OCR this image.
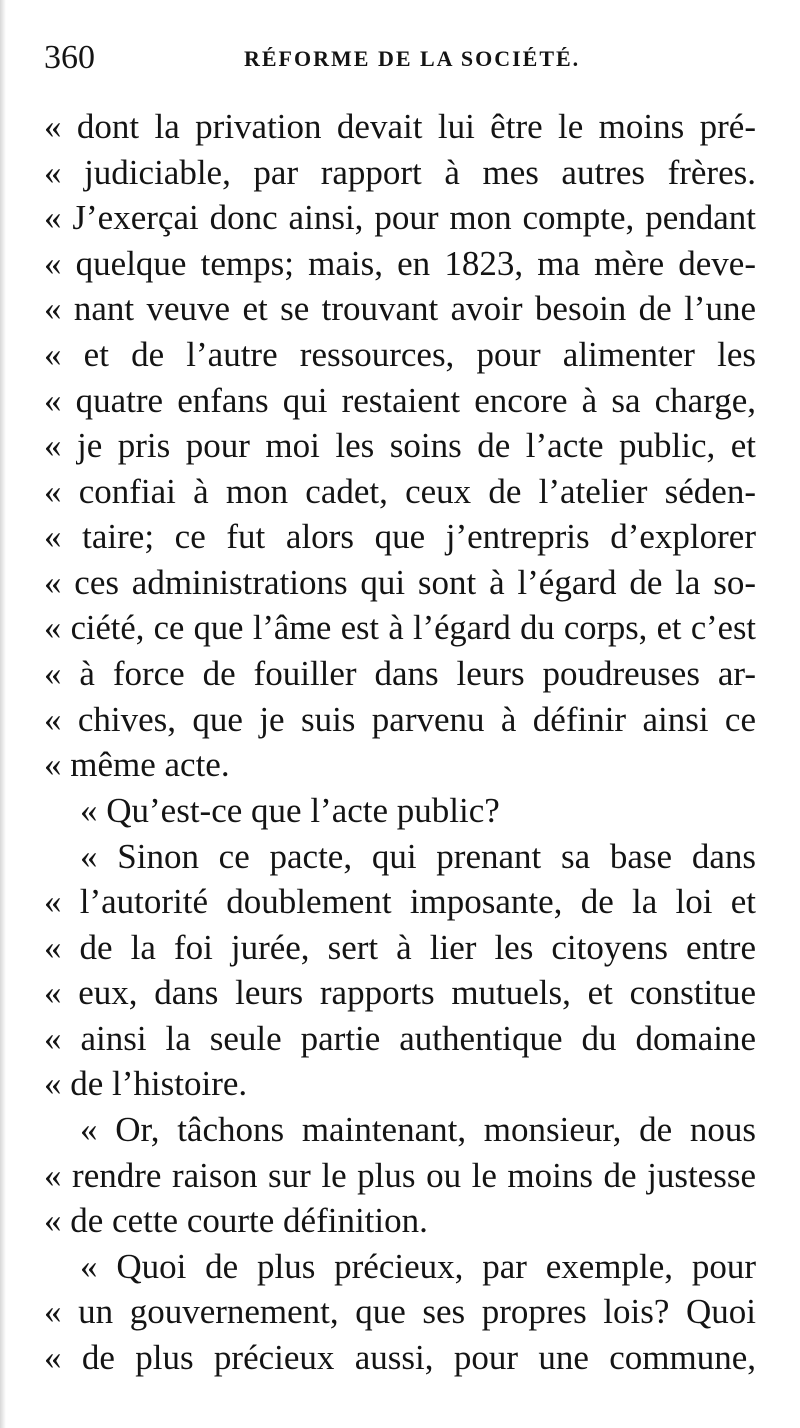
360	RÉFORME DE LA SOCIÉTÉ.
« dont la privation devait lui être le moins pré-
« judiciable, par rapport à mes autres frères.
« J’exerçai donc ainsi, pour mon compte, pendant
« quelque temps; mais, en 1823, ma mère deve-
« nant veuve et se trouvant avoir besoin de l’une
« et de l’autre ressources, pour alimenter les
« quatre enfans qui restaient encore à sa charge,
« je pris pour moi les soins de l’acte public, et
« confiai à mon cadet, ceux de l’atelier séden-
« taire; ce fut alors que j’entrepris d’explorer
« ces administrations qui sont à l’égard de la so-
« ciété, ce que l’âme est à l’égard du corps, et c’est
« à force de fouiller dans leurs poudreuses ar-
« chives, que je suis parvenu à définir ainsi ce
« même acte.
« Qu’est-ce que l’acte public?
« Sinon ce pacte, qui prenant sa base dans
« l’autorité doublement imposante, de la loi et
« de la foi jurée, sert à lier les citoyens entre
« eux, dans leurs rapports mutuels, et constitue
« ainsi la seule partie authentique du domaine
« de l’histoire.
« Or, tâchons maintenant, monsieur, de nous
« rendre raison sur le plus ou le moins de justesse
« de cette courte définition.
« Quoi de plus précieux, par exemple, pour
« un gouvernement, que ses propres lois? Quoi
« de plus précieux aussi, pour une commune,
